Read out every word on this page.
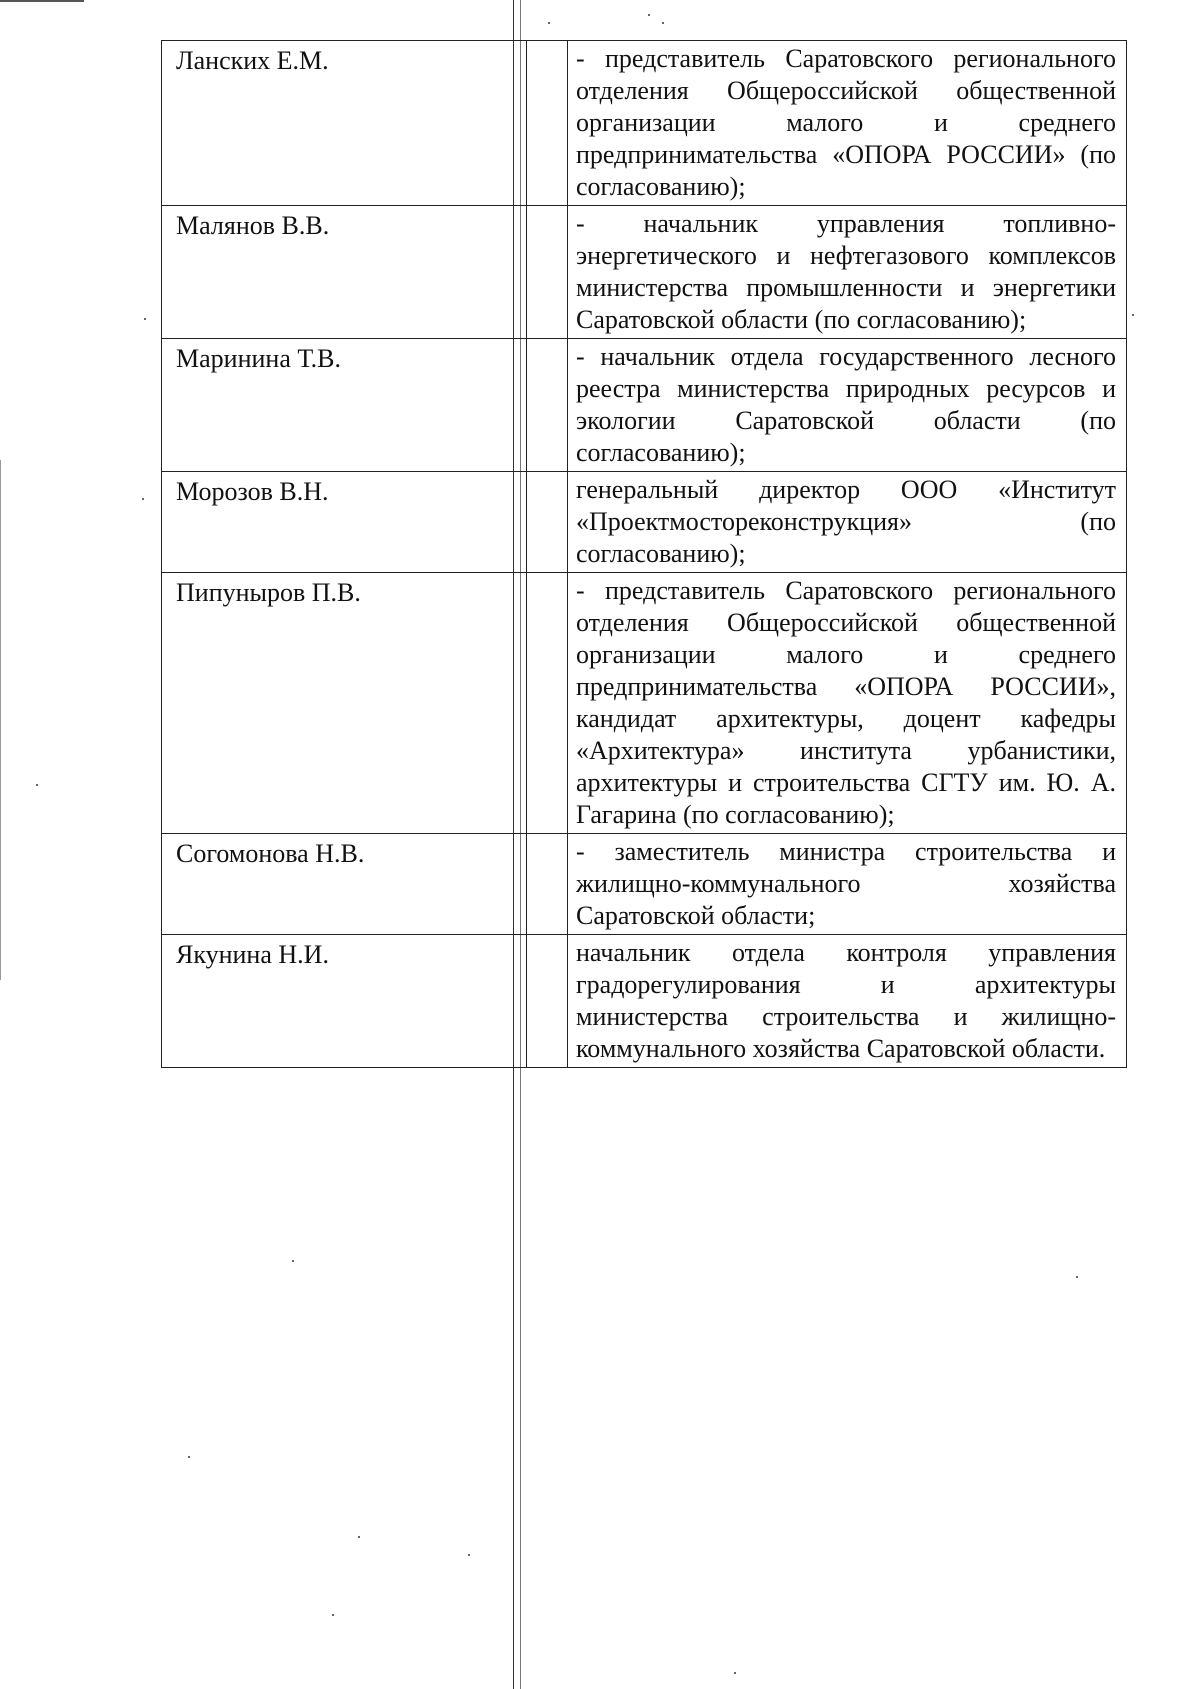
Ланских Е.М.		- представитель Саратовского регионального отделения Общероссийской общественной организации малого и среднего предпринимательства «ОПОРА РОССИИ» (по согласованию);
Малянов В.В.		- начальник управления топливно-энергетического и нефтегазового комплексов министерства промышленности и энергетики Саратовской области (по согласованию);
Маринина Т.В.		- начальник отдела государственного лесного реестра министерства природных ресурсов и экологии Саратовской области (по согласованию);
Морозов В.Н.		генеральный директор ООО «Институт «Проектмостореконструкция» (по согласованию);
Пипуныров П.В.		- представитель Саратовского регионального отделения Общероссийской общественной организации малого и среднего предпринимательства «ОПОРА РОССИИ», кандидат архитектуры, доцент кафедры «Архитектура» института урбанистики, архитектуры и строительства СГТУ им. Ю. А. Гагарина (по согласованию);
Согомонова Н.В.		- заместитель министра строительства и жилищно-коммунального хозяйства Саратовской области;
Якунина Н.И.		начальник отдела контроля управления градорегулирования и архитектуры министерства строительства и жилищно-коммунального хозяйства Саратовской области.
